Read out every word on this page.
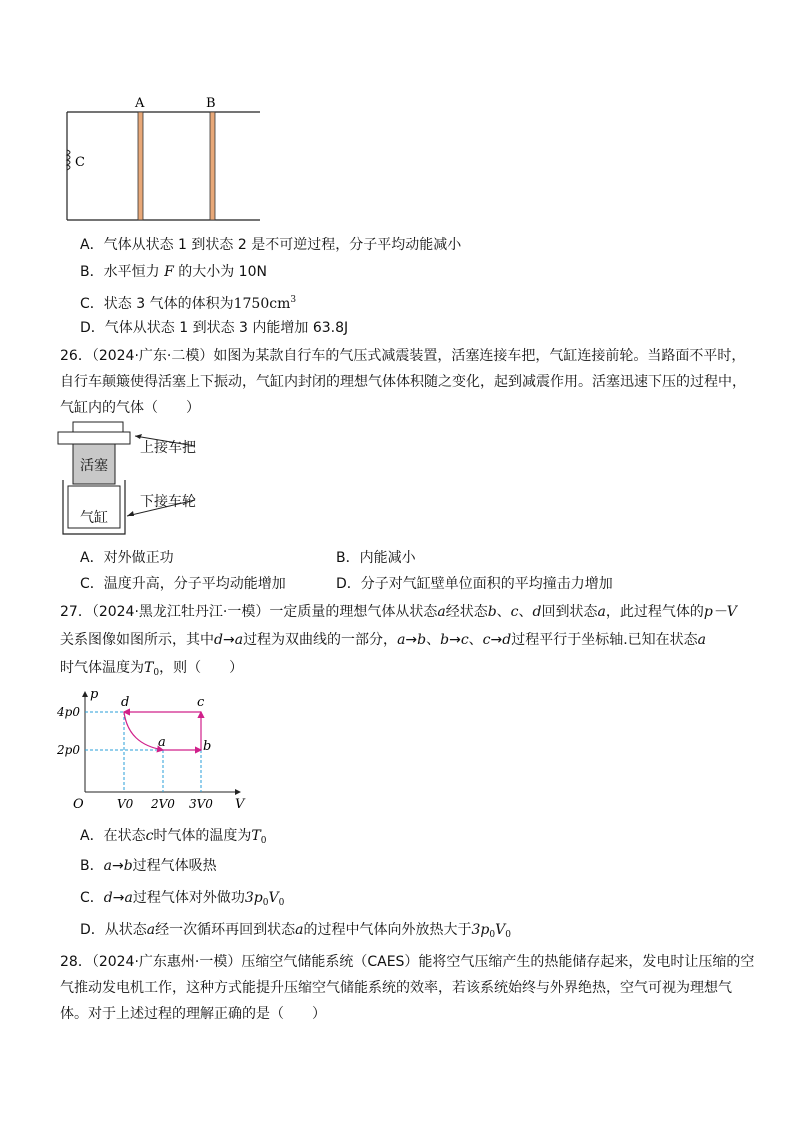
A	B
C
A．气体从状态 1 到状态 2 是不可逆过程，分子平均动能减小
B．水平恒力 F 的大小为 10N
C．状态 3 气体的体积为$1750cm^3$
D．气体从状态 1 到状态 3 内能增加 63.8J
26．（2024·广东·二模）如图为某款自行车的气压式减震装置，活塞连接车把，气缸连接前轮。当路面不平时，
自行车颠簸使得活塞上下振动，气缸内封闭的理想气体体积随之变化，起到减震作用。活塞迅速下压的过程中，
气缸内的气体（　　）
活塞
气缸
上接车把
下接车轮
A．对外做正功	B．内能减小
C．温度升高，分子平均动能增加	D．分子对气缸壁单位面积的平均撞击力增加
27．（2024·黑龙江牡丹江·一模）一定质量的理想气体从状态a经状态b、c、d回到状态a，此过程气体的p－V
关系图像如图所示，其中d→a过程为双曲线的一部分，a→b、b→c、c→d过程平行于坐标轴.已知在状态a
时气体温度为$T_0$，则（　　）
p
V
O
4p0
2p0
V0 2V0 3V0
a	b
c
d
A．在状态c时气体的温度为$T_0$
B．a→b过程气体吸热
C．d→a过程气体对外做功$3p_0V_0$
D．从状态a经一次循环再回到状态a的过程中气体向外放热大于$3p_0V_0$
28．（2024·广东惠州·一模）压缩空气储能系统（CAES）能将空气压缩产生的热能储存起来，发电时让压缩的空
气推动发电机工作，这种方式能提升压缩空气储能系统的效率，若该系统始终与外界绝热，空气可视为理想气
体。对于上述过程的理解正确的是（　　）
